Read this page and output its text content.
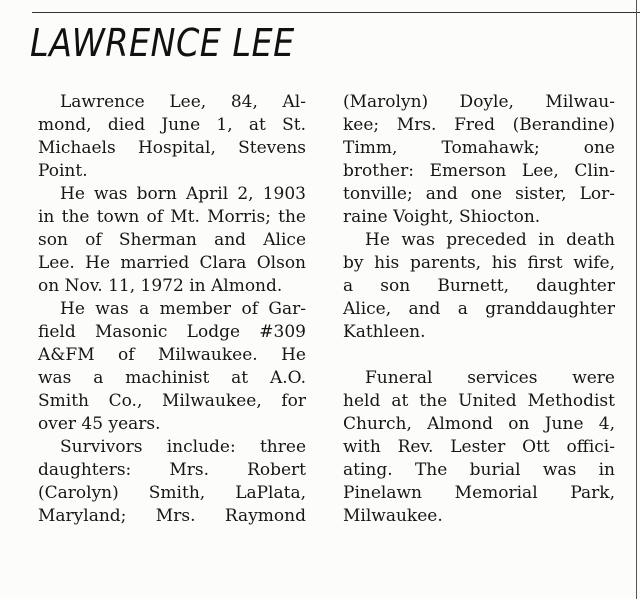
LAWRENCE LEE
Lawrence Lee, 84, Al-
mond, died June 1, at St.
Michaels Hospital, Stevens
Point.
He was born April 2, 1903
in the town of Mt. Morris; the
son of Sherman and Alice
Lee. He married Clara Olson
on Nov. 11, 1972 in Almond.
He was a member of Gar-
field Masonic Lodge #309
A&FM of Milwaukee. He
was a machinist at A.O.
Smith Co., Milwaukee, for
over 45 years.
Survivors include: three
daughters: Mrs. Robert
(Carolyn) Smith, LaPlata,
Maryland; Mrs. Raymond
(Marolyn) Doyle, Milwau-
kee; Mrs. Fred (Berandine)
Timm, Tomahawk; one
brother: Emerson Lee, Clin-
tonville; and one sister, Lor-
raine Voight, Shiocton.
He was preceded in death
by his parents, his first wife,
a son Burnett, daughter
Alice, and a granddaughter
Kathleen.
Funeral services were
held at the United Methodist
Church, Almond on June 4,
with Rev. Lester Ott offici-
ating. The burial was in
Pinelawn Memorial Park,
Milwaukee.
